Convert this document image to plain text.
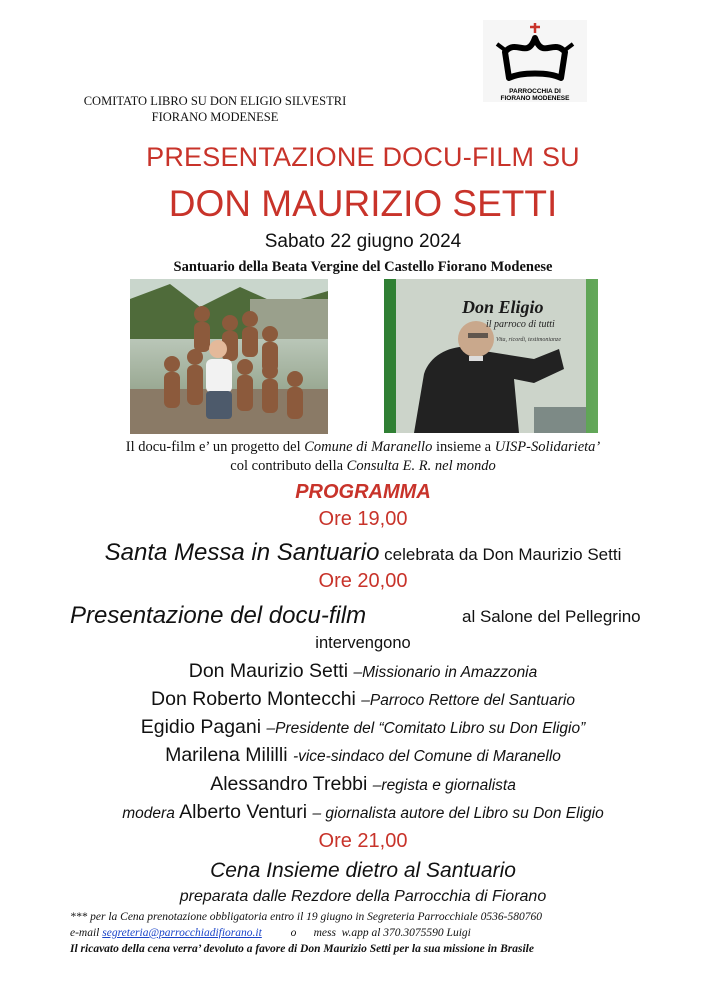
COMITATO LIBRO SU DON ELIGIO SILVESTRI
FIORANO MODENESE
PARROCCHIA DI
FIORANO MODENESE
PRESENTAZIONE DOCU-FILM SU
DON MAURIZIO SETTI
Sabato 22 giugno 2024
Santuario della Beata Vergine del Castello Fiorano Modenese
Don Eligio
il parroco di tutti
Vita, ricordi, testimonianze
Il docu-film e’ un progetto del Comune di Maranello insieme a UISP-Solidarieta’
col contributo della Consulta E. R. nel mondo
PROGRAMMA
Ore 19,00
Santa Messa in Santuario celebrata da Don Maurizio Setti
Ore 20,00
Presentazione del docu-film	al Salone del Pellegrino
intervengono
Don Maurizio Setti –Missionario in Amazzonia
Don Roberto Montecchi –Parroco Rettore del Santuario
Egidio Pagani –Presidente del “Comitato Libro su Don Eligio”
Marilena Mililli -vice-sindaco del Comune di Maranello
Alessandro Trebbi –regista e giornalista
modera Alberto Venturi – giornalista autore del Libro su Don Eligio
Ore 21,00
Cena Insieme dietro al Santuario
preparata dalle Rezdore della Parrocchia di Fiorano
*** per la Cena prenotazione obbligatoria entro il 19 giugno in Segreteria Parrocchiale 0536-580760
e-mail segreteria@parrocchiadifiorano.it          o      mess  w.app al 370.3075590 Luigi
Il ricavato della cena verra’ devoluto a favore di Don Maurizio Setti per la sua missione in Brasile
